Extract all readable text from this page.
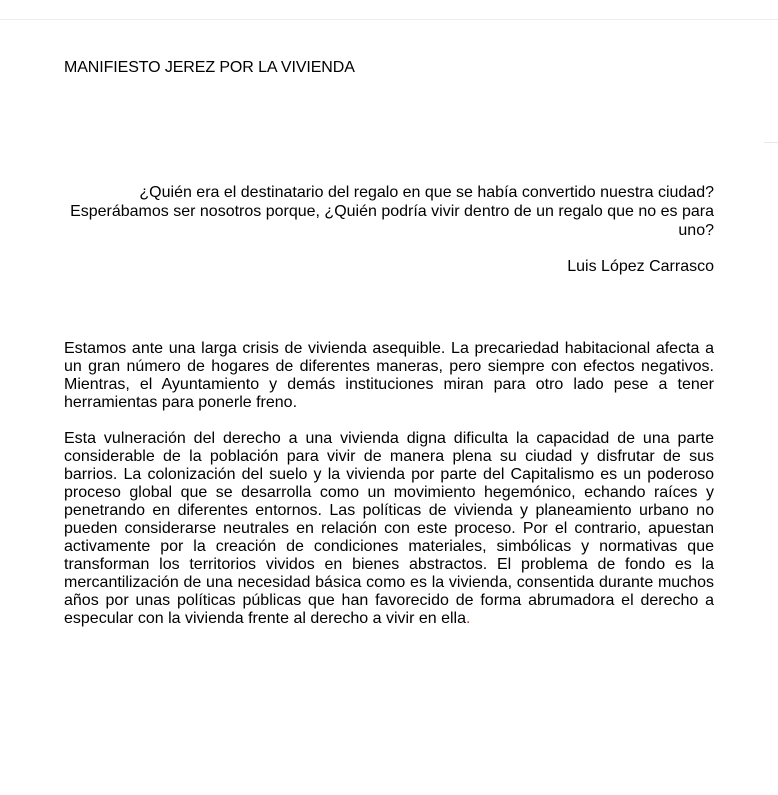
MANIFIESTO JEREZ POR LA VIVIENDA
¿Quién era el destinatario del regalo en que se había convertido nuestra ciudad? Esperábamos ser nosotros porque, ¿Quién podría vivir dentro de un regalo que no es para uno?
Luis López Carrasco

Estamos ante una larga crisis de vivienda asequible. La precariedad habitacional afecta a un gran número de hogares de diferentes maneras, pero siempre con efectos negativos. Mientras, el Ayuntamiento y demás instituciones miran para otro lado pese a tener herramientas para ponerle freno.

Esta vulneración del derecho a una vivienda digna dificulta la capacidad de una parte considerable de la población para vivir de manera plena su ciudad y disfrutar de sus barrios. La colonización del suelo y la vivienda por parte del Capitalismo es un poderoso proceso global que se desarrolla como un movimiento hegemónico, echando raíces y penetrando en diferentes entornos. Las políticas de vivienda y planeamiento urbano no pueden considerarse neutrales en relación con este proceso. Por el contrario, apuestan activamente por la creación de condiciones materiales, simbólicas y normativas que transforman los territorios vividos en bienes abstractos. El problema de fondo es la mercantilización de una necesidad básica como es la vivienda, consentida durante muchos años por unas políticas públicas que han favorecido de forma abrumadora el derecho a especular con la vivienda frente al derecho a vivir en ella.
